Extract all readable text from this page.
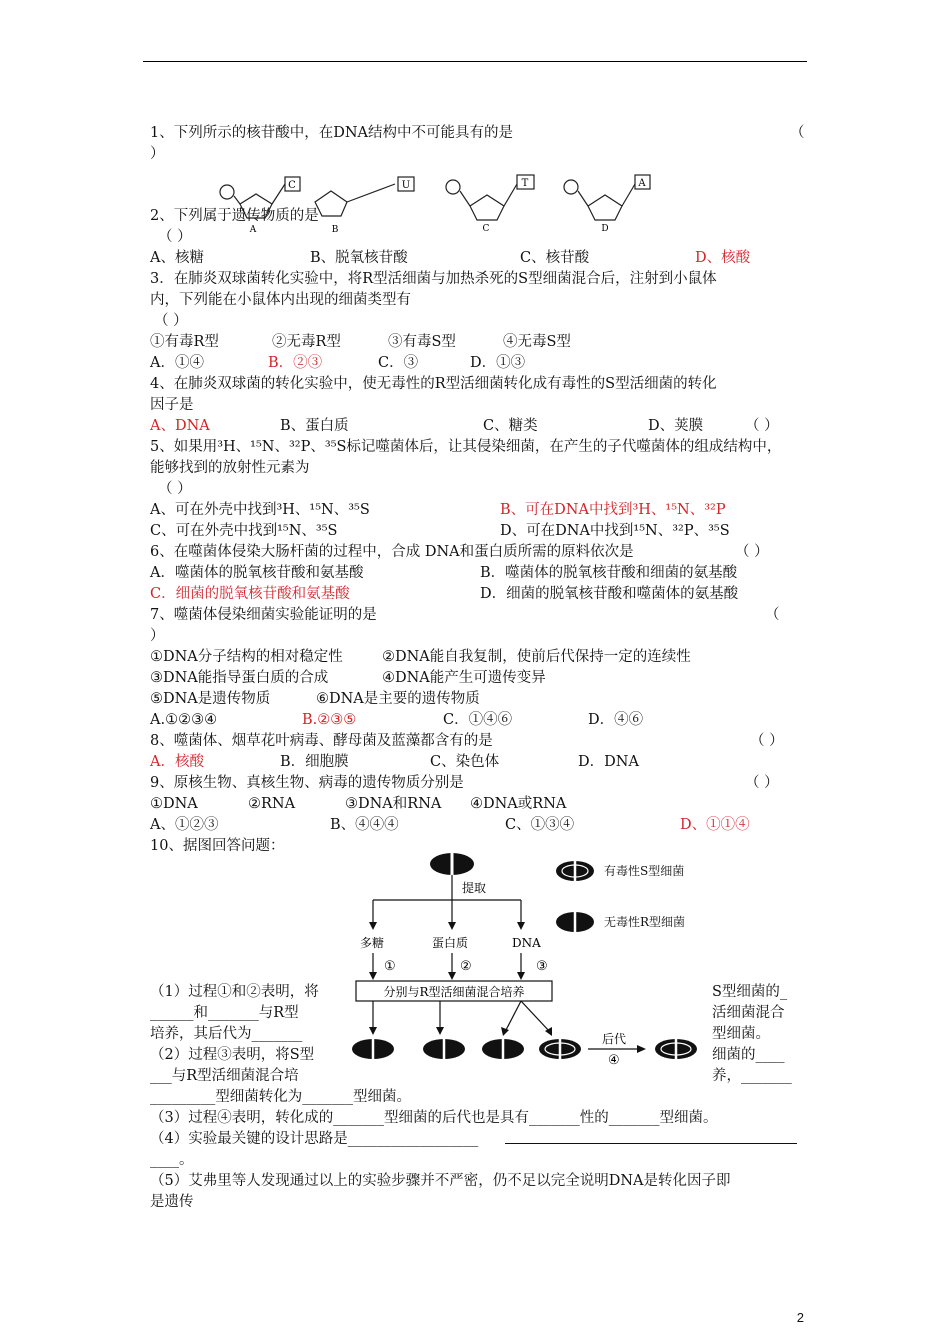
1、下列所示的核苷酸中，在DNA结构中不可能具有的是	（
）
C
A
U
B
T
C
A
D
2、下列属于遗传物质的是
（ ）
A、核糖	B、脱氧核苷酸	C、核苷酸	D、核酸
3．在肺炎双球菌转化实验中，将R型活细菌与加热杀死的S型细菌混合后，注射到小鼠体
内，下列能在小鼠体内出现的细菌类型有
（ ）
①有毒R型	②无毒R型	③有毒S型	④无毒S型
A．①④	B．②③	C．③	D．①③
4、在肺炎双球菌的转化实验中，使无毒性的R型活细菌转化成有毒性的S型活细菌的转化
因子是
A、DNA	B、蛋白质	C、糖类	D、荚膜	（ ）
5、如果用³H、¹⁵N、³²P、³⁵S标记噬菌体后，让其侵染细菌，在产生的子代噬菌体的组成结构中，
能够找到的放射性元素为
（ ）
A、可在外壳中找到³H、¹⁵N、³⁵S	B、可在DNA中找到³H、¹⁵N、³²P
C、可在外壳中找到¹⁵N、³⁵S	D、可在DNA中找到¹⁵N、³²P、³⁵S
6、在噬菌体侵染大肠杆菌的过程中，合成 DNA和蛋白质所需的原料依次是	（ ）
A．噬菌体的脱氧核苷酸和氨基酸	B．噬菌体的脱氧核苷酸和细菌的氨基酸
C．细菌的脱氧核苷酸和氨基酸	D．细菌的脱氧核苷酸和噬菌体的氨基酸
7、噬菌体侵染细菌实验能证明的是	（
）
①DNA分子结构的相对稳定性	②DNA能自我复制，使前后代保持一定的连续性
③DNA能指导蛋白质的合成	④DNA能产生可遗传变异
⑤DNA是遗传物质	⑥DNA是主要的遗传物质
A.①②③④	B.②③⑤	C．①④⑥	D．④⑥
8、噬菌体、烟草花叶病毒、酵母菌及蓝藻都含有的是	（ ）
A．核酸	B．细胞膜	C、染色体	D．DNA
9、原核生物、真核生物、病毒的遗传物质分别是	（ ）
①DNA	②RNA	③DNA和RNA ④DNA或RNA
A、①②③	B、④④④	C、①③④	D、①①④
10、据图回答问题：
提取
多糖	蛋白质	DNA
①	②	③
分别与R型活细菌混合培养
后代
④
有毒性S型细菌
无毒性R型细菌
（1）过程①和②表明，将
______和_______与R型
培养，其后代为_______
（2）过程③表明，将S型
___与R型活细菌混合培
_________型细菌转化为_______型细菌。
S型细菌的_
活细菌混合
型细菌。
细菌的____
养，_______
（3）过程④表明，转化成的_______型细菌的后代也是具有_______性的_______型细菌。
（4）实验最关键的设计思路是__________________
____。
（5）艾弗里等人发现通过以上的实验步骤并不严密，仍不足以完全说明DNA是转化因子即
是遗传
2
